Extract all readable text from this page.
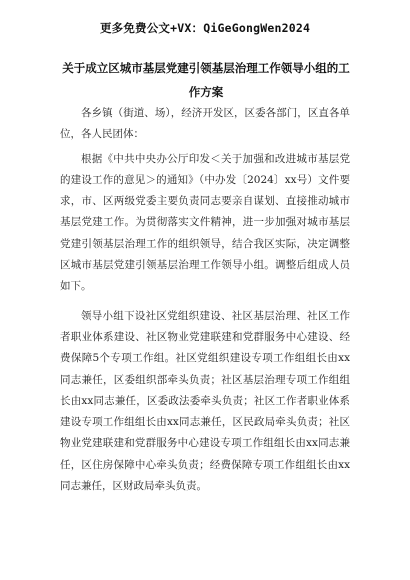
更多免费公文+VX：QiGeGongWen2024
关于成立区城市基层党建引领基层治理工作领导小组的工作方案

各乡镇（街道、场），经济开发区，区委各部门，区直各单位，各人民团体：

根据《中共中央办公厅印发＜关于加强和改进城市基层党的建设工作的意见＞的通知》（中办发〔2024〕xx号）文件要求，市、区两级党委主要负责同志要亲自谋划、直接推动城市基层党建工作。为贯彻落实文件精神，进一步加强对城市基层党建引领基层治理工作的组织领导，结合我区实际，决定调整区城市基层党建引领基层治理工作领导小组。调整后组成人员如下。

领导小组下设社区党组织建设、社区基层治理、社区工作者职业体系建设、社区物业党建联建和党群服务中心建设、经费保障5个专项工作组。社区党组织建设专项工作组组长由xx同志兼任，区委组织部牵头负责；社区基层治理专项工作组组长由xx同志兼任，区委政法委牵头负责；社区工作者职业体系建设专项工作组组长由xx同志兼任，区民政局牵头负责；社区物业党建联建和党群服务中心建设专项工作组组长由xx同志兼任，区住房保障中心牵头负责；经费保障专项工作组组长由xx同志兼任，区财政局牵头负责。
